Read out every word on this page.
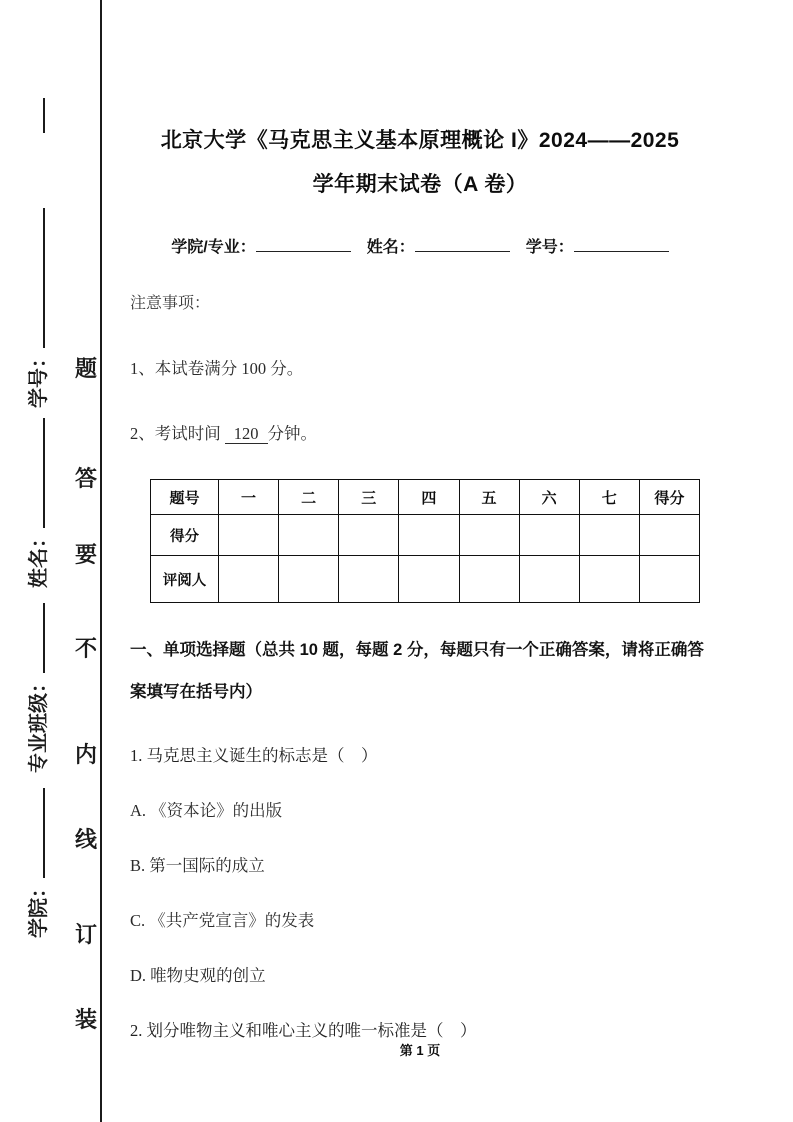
学院：专业班级：姓名：学号： 题
答
要
不
内
线
订
装
北京大学《马克思主义基本原理概论 I》2024——2025
学年期末试卷（A 卷）
学院/专业：	姓名：	学号：

注意事项：

1、本试卷满分 100 分。

2、考试时间 120 分钟。

题号	一	二	三	四	五	六	七	得分
得分								
评阅人								

一、单项选择题（总共 10 题，每题 2 分，每题只有一个正确答案，请将正确答案填写在括号内）

1. 马克思主义诞生的标志是（　）

A. 《资本论》的出版

B. 第一国际的成立

C. 《共产党宣言》的发表

D. 唯物史观的创立

2. 划分唯物主义和唯心主义的唯一标准是（　）

第 1 页
